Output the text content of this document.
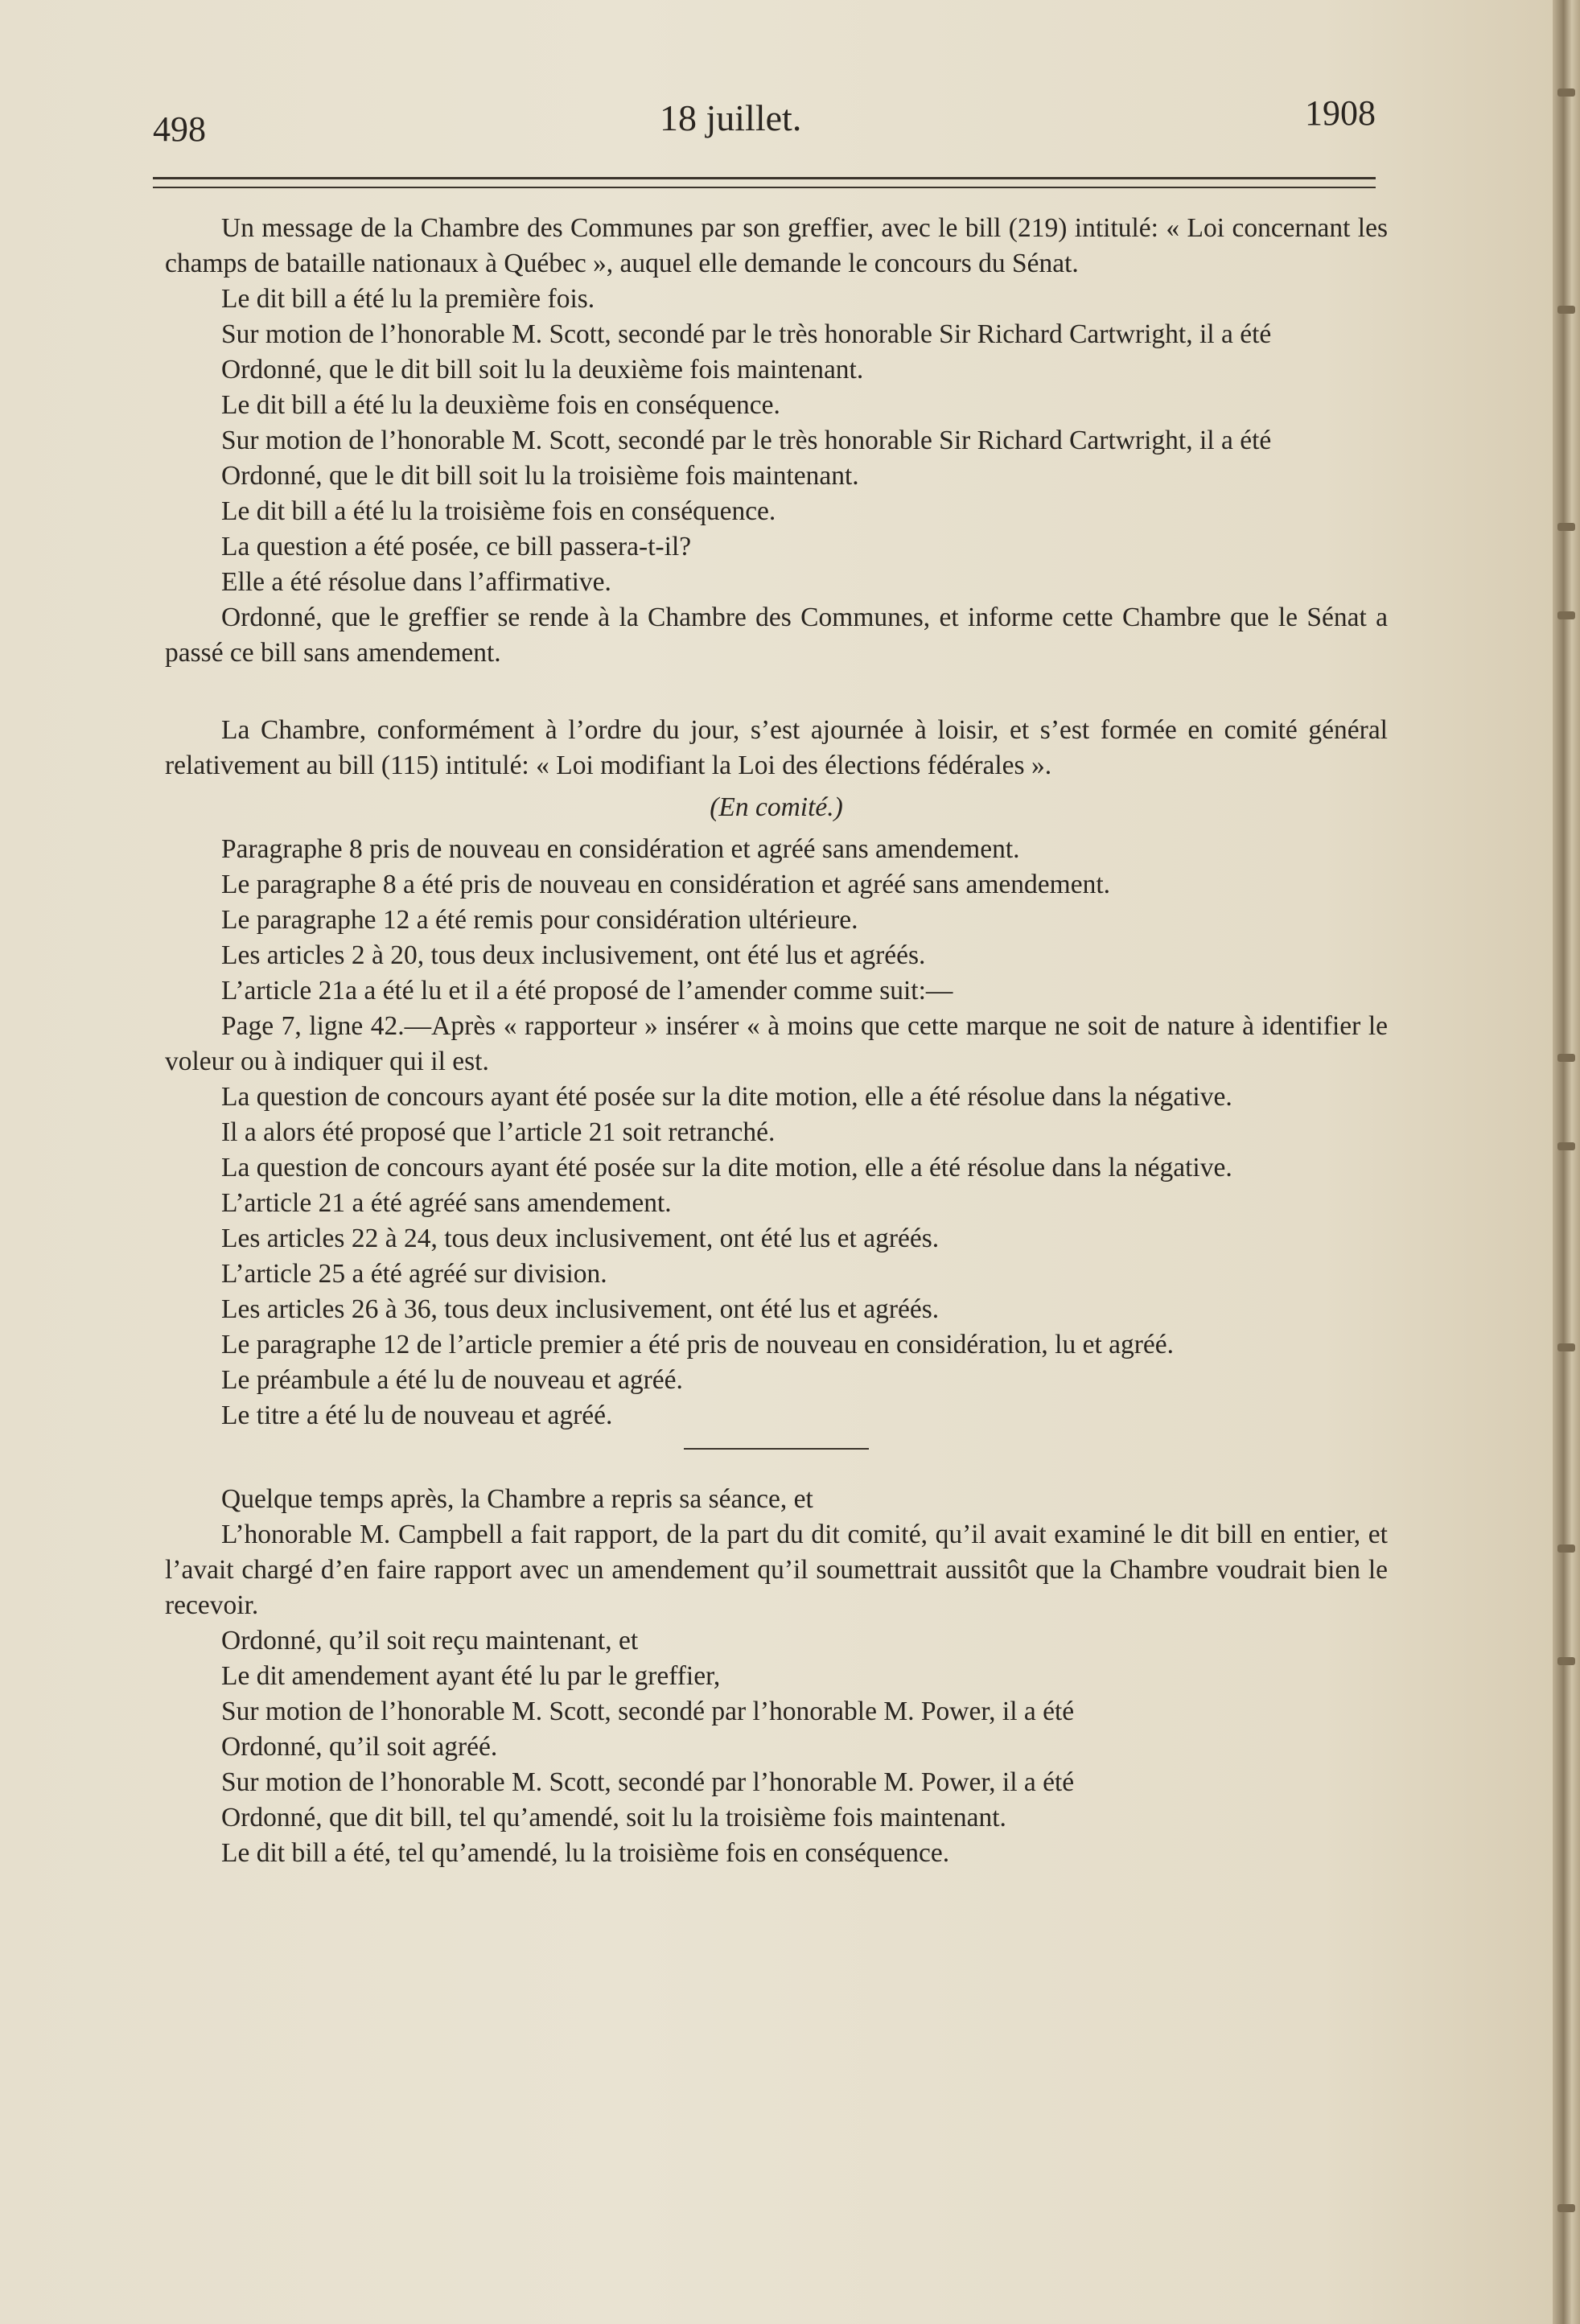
498	18 juillet.	1908

Un message de la Chambre des Communes par son greffier, avec le bill (219) intitulé: « Loi concernant les champs de bataille nationaux à Québec », auquel elle demande le concours du Sénat.

Le dit bill a été lu la première fois.

Sur motion de l’honorable M. Scott, secondé par le très honorable Sir Richard Cartwright, il a été

Ordonné, que le dit bill soit lu la deuxième fois maintenant.

Le dit bill a été lu la deuxième fois en conséquence.

Sur motion de l’honorable M. Scott, secondé par le très honorable Sir Richard Cartwright, il a été

Ordonné, que le dit bill soit lu la troisième fois maintenant.

Le dit bill a été lu la troisième fois en conséquence.

La question a été posée, ce bill passera-t-il?

Elle a été résolue dans l’affirmative.

Ordonné, que le greffier se rende à la Chambre des Communes, et informe cette Chambre que le Sénat a passé ce bill sans amendement.

La Chambre, conformément à l’ordre du jour, s’est ajournée à loisir, et s’est formée en comité général relativement au bill (115) intitulé: « Loi modifiant la Loi des élections fédérales ».

(En comité.)

Paragraphe 8 pris de nouveau en considération et agréé sans amendement.

Le paragraphe 8 a été pris de nouveau en considération et agréé sans amendement.

Le paragraphe 12 a été remis pour considération ultérieure.

Les articles 2 à 20, tous deux inclusivement, ont été lus et agréés.

L’article 21a a été lu et il a été proposé de l’amender comme suit:—

Page 7, ligne 42.—Après « rapporteur » insérer « à moins que cette marque ne soit de nature à identifier le voleur ou à indiquer qui il est.

La question de concours ayant été posée sur la dite motion, elle a été résolue dans la négative.

Il a alors été proposé que l’article 21 soit retranché.

La question de concours ayant été posée sur la dite motion, elle a été résolue dans la négative.

L’article 21 a été agréé sans amendement.

Les articles 22 à 24, tous deux inclusivement, ont été lus et agréés.

L’article 25 a été agréé sur division.

Les articles 26 à 36, tous deux inclusivement, ont été lus et agréés.

Le paragraphe 12 de l’article premier a été pris de nouveau en considération, lu et agréé.

Le préambule a été lu de nouveau et agréé.

Le titre a été lu de nouveau et agréé.

Quelque temps après, la Chambre a repris sa séance, et

L’honorable M. Campbell a fait rapport, de la part du dit comité, qu’il avait examiné le dit bill en entier, et l’avait chargé d’en faire rapport avec un amendement qu’il soumettrait aussitôt que la Chambre voudrait bien le recevoir.

Ordonné, qu’il soit reçu maintenant, et

Le dit amendement ayant été lu par le greffier,

Sur motion de l’honorable M. Scott, secondé par l’honorable M. Power, il a été

Ordonné, qu’il soit agréé.

Sur motion de l’honorable M. Scott, secondé par l’honorable M. Power, il a été

Ordonné, que dit bill, tel qu’amendé, soit lu la troisième fois maintenant.

Le dit bill a été, tel qu’amendé, lu la troisième fois en conséquence.
